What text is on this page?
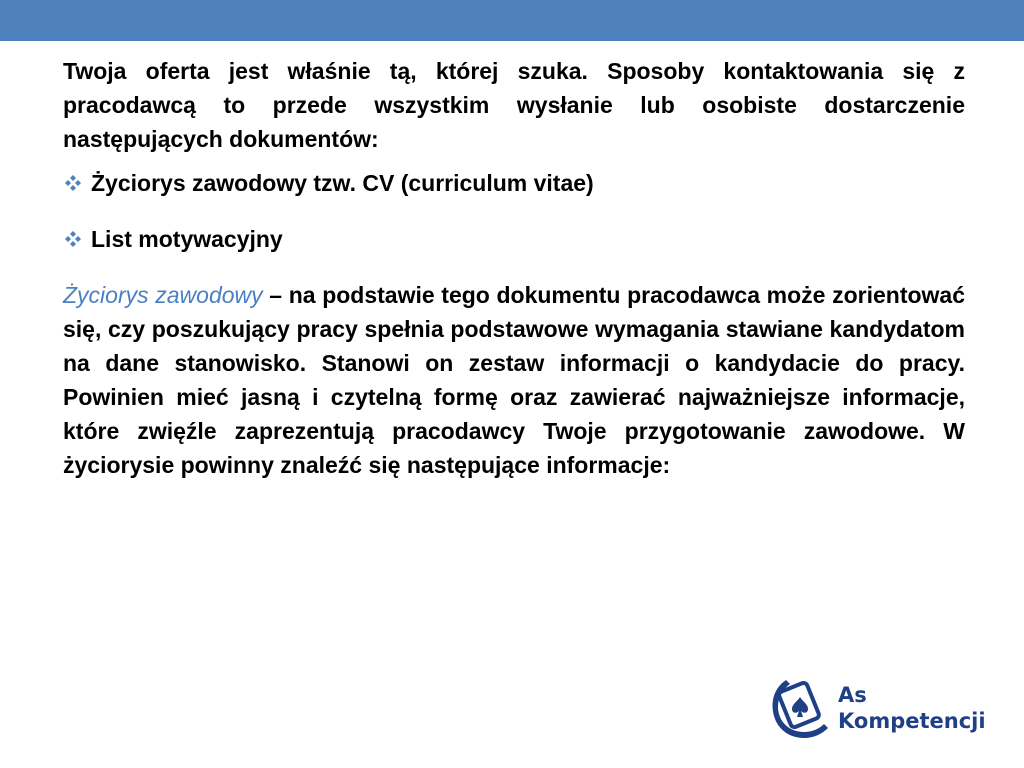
Twoja oferta jest właśnie tą, której szuka. Sposoby kontaktowania się z pracodawcą to przede wszystkim wysłanie lub osobiste dostarczenie następujących dokumentów:

Życiorys zawodowy tzw. CV (curriculum vitae)
List motywacyjny

Życiorys zawodowy – na podstawie tego dokumentu pracodawca może zorientować się, czy poszukujący pracy spełnia podstawowe wymagania stawiane kandydatom na dane stanowisko. Stanowi on zestaw informacji o kandydacie do pracy. Powinien mieć jasną i czytelną formę oraz zawierać najważniejsze informacje, które zwięźle zaprezentują pracodawcy Twoje przygotowanie zawodowe. W życiorysie powinny znaleźć się następujące informacje:

As
Kompetencji
